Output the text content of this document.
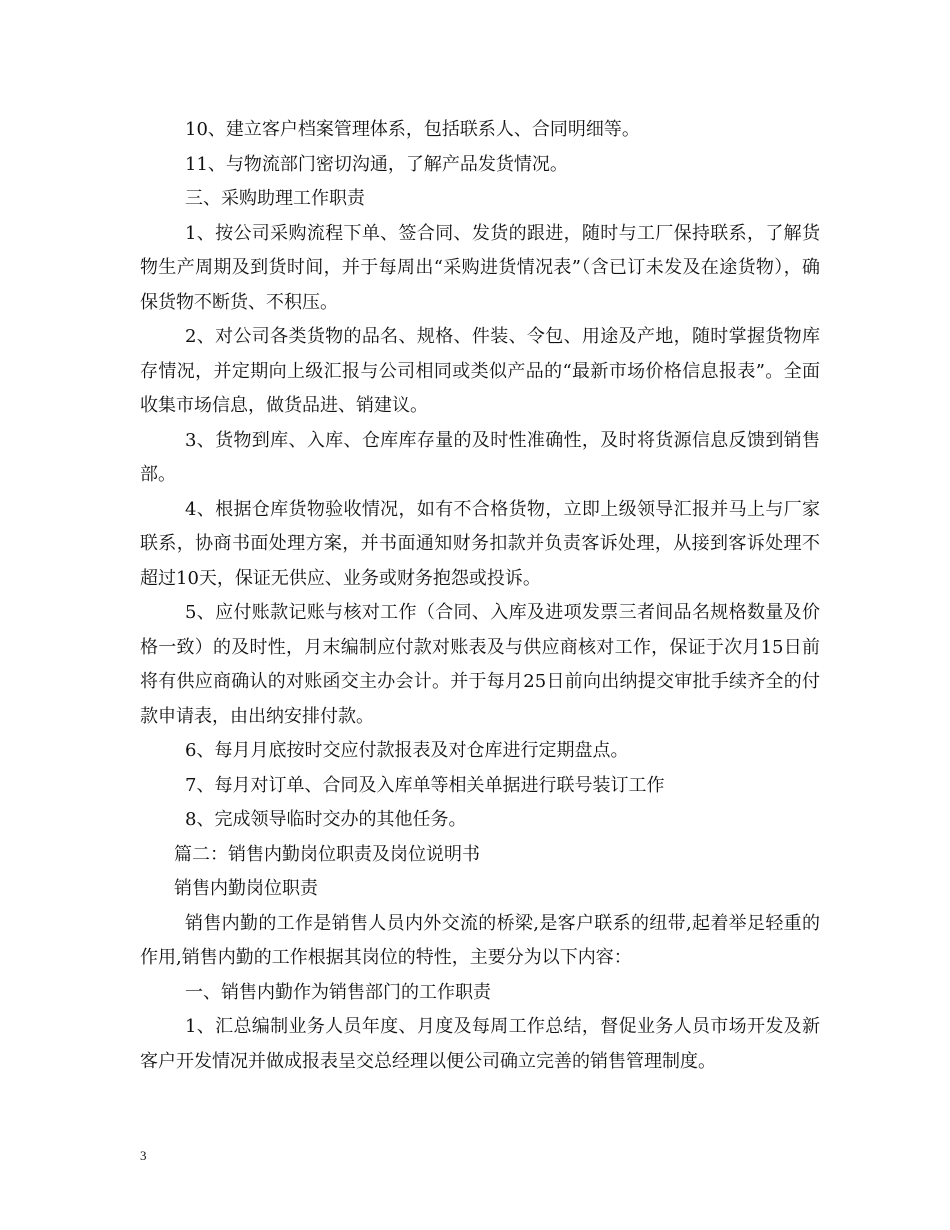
10、建立客户档案管理体系，包括联系人、合同明细等。

11、与物流部门密切沟通，了解产品发货情况。

三、采购助理工作职责

1、按公司采购流程下单、签合同、发货的跟进，随时与工厂保持联系，了解货物生产周期及到货时间，并于每周出“采购进货情况表”（含已订未发及在途货物），确保货物不断货、不积压。

2、对公司各类货物的品名、规格、件装、令包、用途及产地，随时掌握货物库存情况，并定期向上级汇报与公司相同或类似产品的“最新市场价格信息报表”。全面收集市场信息，做货品进、销建议。

3、货物到库、入库、仓库库存量的及时性准确性，及时将货源信息反馈到销售部。

4、根据仓库货物验收情况，如有不合格货物，立即上级领导汇报并马上与厂家联系，协商书面处理方案，并书面通知财务扣款并负责客诉处理，从接到客诉处理不超过10天，保证无供应、业务或财务抱怨或投诉。

5、应付账款记账与核对工作（合同、入库及进项发票三者间品名规格数量及价格一致）的及时性，月末编制应付款对账表及与供应商核对工作，保证于次月15日前将有供应商确认的对账函交主办会计。并于每月25日前向出纳提交审批手续齐全的付款申请表，由出纳安排付款。

6、每月月底按时交应付款报表及对仓库进行定期盘点。

7、每月对订单、合同及入库单等相关单据进行联号装订工作

8、完成领导临时交办的其他任务。

篇二：销售内勤岗位职责及岗位说明书

销售内勤岗位职责

销售内勤的工作是销售人员内外交流的桥梁,是客户联系的纽带,起着举足轻重的作用,销售内勤的工作根据其岗位的特性，主要分为以下内容：

一、销售内勤作为销售部门的工作职责

1、汇总编制业务人员年度、月度及每周工作总结，督促业务人员市场开发及新客户开发情况并做成报表呈交总经理以便公司确立完善的销售管理制度。

3
